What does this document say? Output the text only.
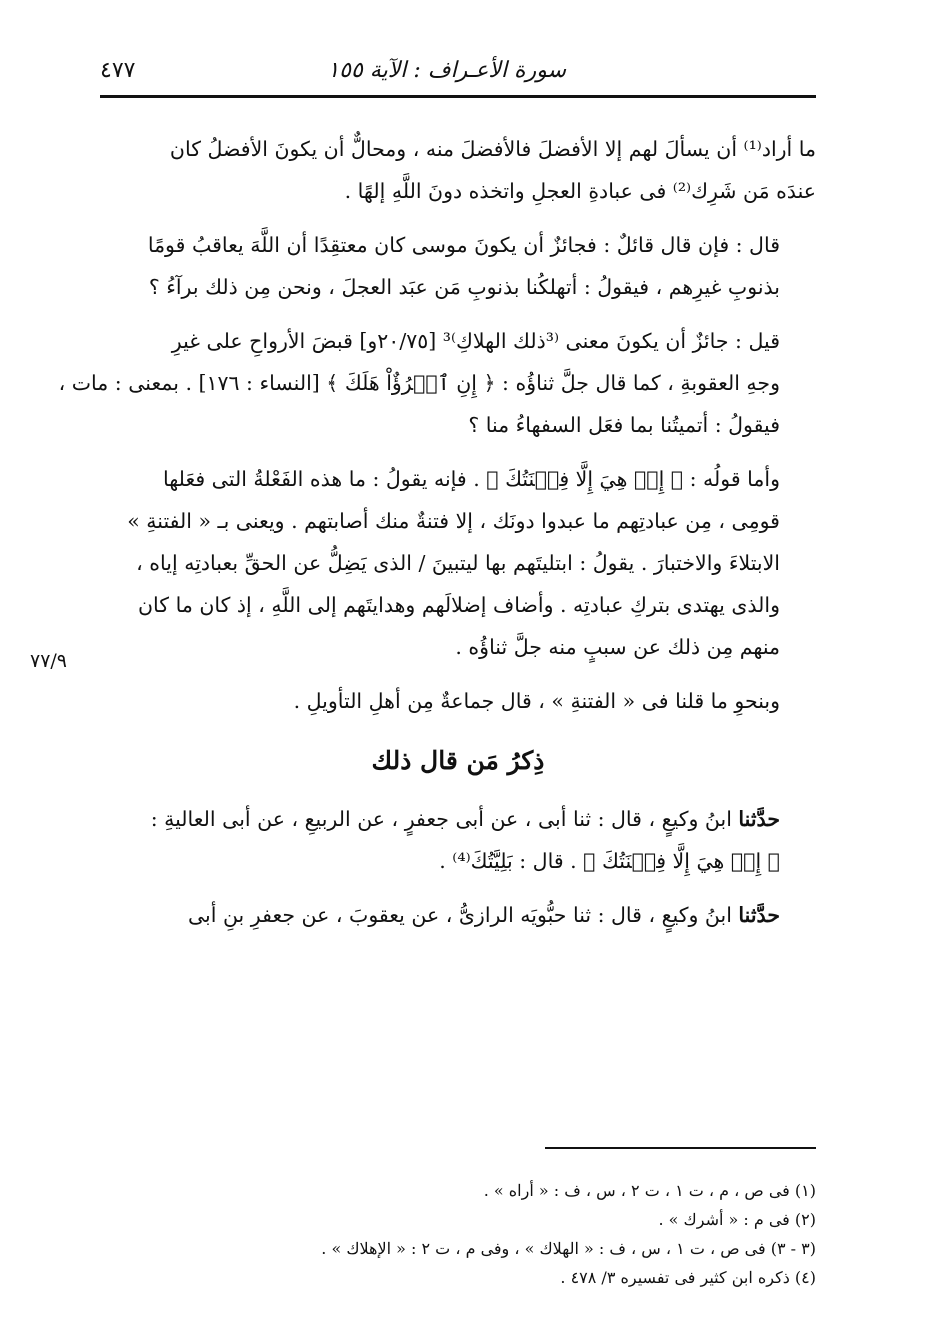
سورة الأعـراف : الآية ١٥٥
٤٧٧
٧٧/٩

ما أراد⁽¹⁾ أن يسألَ لهم إلا الأفضلَ فالأفضلَ منه ، ومحالٌّ أن يكونَ الأفضلُ كان
عندَه مَن شَرِك⁽²⁾ فى عبادةِ العجلِ واتخذه دونَ اللَّهِ إلهًا .

قال : فإن قال قائلٌ : فجائزٌ أن يكونَ موسى كان معتقِدًا أن اللَّهَ يعاقبُ قومًا
بذنوبِ غيرِهم ، فيقولُ : أتهلكُنا بذنوبِ مَن عبَد العجلَ ، ونحن مِن ذلك برآءُ ؟

قيل : جائزٌ أن يكونَ معنى ⁽³ذلك الهلاكِ⁾³ [٢٠/٧٥و] قبضَ الأرواحِ على غيرِ
وجهِ العقوبةِ ، كما قال جلَّ ثناؤُه : ﴿ إِنِ ٱمۡرُؤٌاْ هَلَكَ ﴾ [النساء : ١٧٦] . بمعنى : مات ،
فيقولُ : أتميتُنا بما فعَل السفهاءُ منا ؟

وأما قولُه : ﴿ إِنۡ هِيَ إِلَّا فِتۡنَتُكَ ﴾ . فإنه يقولُ : ما هذه الفَعْلةُ التى فعَلها
قومِى ، مِن عبادتِهم ما عبدوا دونَك ، إلا فتنةٌ منك أصابتهم . ويعنى بـ « الفتنةِ »
الابتلاءَ والاختبارَ . يقولُ : ابتليتَهم بها ليتبينَ / الذى يَضِلُّ عن الحقِّ بعبادتِه إياه ،
والذى يهتدى بتركِ عبادتِه . وأضاف إضلالَهم وهدايتَهم إلى اللَّهِ ، إذ كان ما كان
منهم مِن ذلك عن سببٍ منه جلَّ ثناؤُه .

وبنحوِ ما قلنا فى « الفتنةِ » ، قال جماعةٌ مِن أهلِ التأويلِ .

ذِكرُ مَن قال ذلك

حدَّثنا ابنُ وكيعٍ ، قال : ثنا أبى ، عن أبى جعفرٍ ، عن الربيعِ ، عن أبى العاليةِ :
﴿ إِنۡ هِيَ إِلَّا فِتۡنَتُكَ ﴾ . قال : بَلِيَّتُكَ⁽⁴⁾ .

حدَّثنا ابنُ وكيعٍ ، قال : ثنا حبُّويَه الرازىُّ ، عن يعقوبَ ، عن جعفرِ بنِ أبى

(١) فى ص ، م ، ت ١ ، ت ٢ ، س ، ف : « أراه » .
(٢) فى م : « أشرك » .
(٣ - ٣) فى ص ، ت ١ ، س ، ف : « الهلاك » ، وفى م ، ت ٢ : « الإهلاك » .
(٤) ذكره ابن كثير فى تفسيره ٣/ ٤٧٨ .
